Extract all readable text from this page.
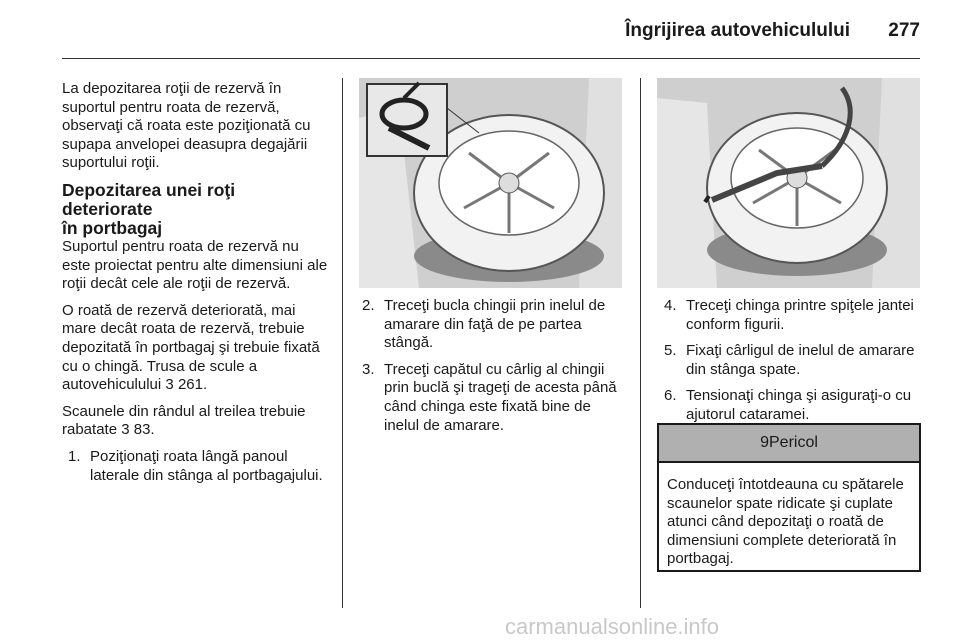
Îngrijirea autovehiculului	277

La depozitarea roţii de rezervă în suportul pentru roata de rezervă, observaţi că roata este poziţionată cu supapa anvelopei deasupra degajării suportului roţii.

Depozitarea unei roţi deteriorate
în portbagaj

Suportul pentru roata de rezervă nu este proiectat pentru alte dimensiuni ale roţii decât cele ale roţii de rezervă.

O roată de rezervă deteriorată, mai mare decât roata de rezervă, trebuie depozitată în portbagaj şi trebuie fixată cu o chingă. Trusa de scule a autovehiculului 3 261.

Scaunele din rândul al treilea trebuie rabatate 3 83.

1. Poziţionaţi roata lângă panoul laterale din stânga al portbagajului.
2. Treceţi bucla chingii prin inelul de amarare din faţă de pe partea stângă.
3. Treceţi capătul cu cârlig al chingii prin buclă şi trageţi de acesta până când chinga este fixată bine de inelul de amarare.
4. Treceţi chinga printre spiţele jantei conform figurii.
5. Fixaţi cârligul de inelul de amarare din stânga spate.
6. Tensionaţi chinga şi asiguraţi-o cu ajutorul cataramei.
9Pericol
Conduceţi întotdeauna cu spătarele scaunelor spate ridicate şi cuplate atunci când depozitaţi o roată de dimensiuni complete deteriorată în portbagaj.
carmanualsonline.info
